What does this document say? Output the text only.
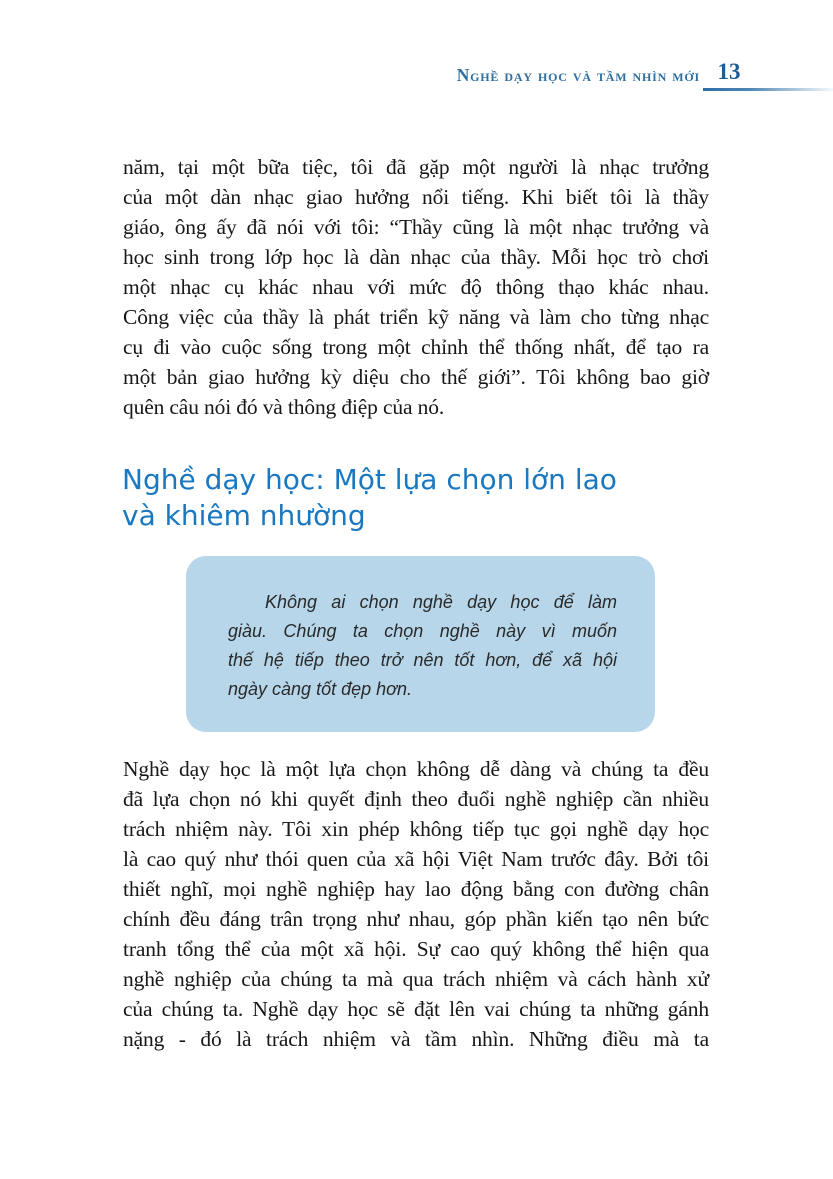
Nghề dạy học và tầm nhìn mới 13
năm, tại một bữa tiệc, tôi đã gặp một người là nhạc trưởng
của một dàn nhạc giao hưởng nổi tiếng. Khi biết tôi là thầy
giáo, ông ấy đã nói với tôi: “Thầy cũng là một nhạc trưởng và
học sinh trong lớp học là dàn nhạc của thầy. Mỗi học trò chơi
một nhạc cụ khác nhau với mức độ thông thạo khác nhau.
Công việc của thầy là phát triển kỹ năng và làm cho từng nhạc
cụ đi vào cuộc sống trong một chỉnh thể thống nhất, để tạo ra
một bản giao hưởng kỳ diệu cho thế giới”. Tôi không bao giờ
quên câu nói đó và thông điệp của nó.
Nghề dạy học: Một lựa chọn lớn lao
và khiêm nhường
Không ai chọn nghề dạy học để làm
giàu. Chúng ta chọn nghề này vì muốn
thế hệ tiếp theo trở nên tốt hơn, để xã hội
ngày càng tốt đẹp hơn.
Nghề dạy học là một lựa chọn không dễ dàng và chúng ta đều
đã lựa chọn nó khi quyết định theo đuổi nghề nghiệp cần nhiều
trách nhiệm này. Tôi xin phép không tiếp tục gọi nghề dạy học
là cao quý như thói quen của xã hội Việt Nam trước đây. Bởi tôi
thiết nghĩ, mọi nghề nghiệp hay lao động bằng con đường chân
chính đều đáng trân trọng như nhau, góp phần kiến tạo nên bức
tranh tổng thể của một xã hội. Sự cao quý không thể hiện qua
nghề nghiệp của chúng ta mà qua trách nhiệm và cách hành xử
của chúng ta. Nghề dạy học sẽ đặt lên vai chúng ta những gánh
nặng - đó là trách nhiệm và tầm nhìn. Những điều mà ta
